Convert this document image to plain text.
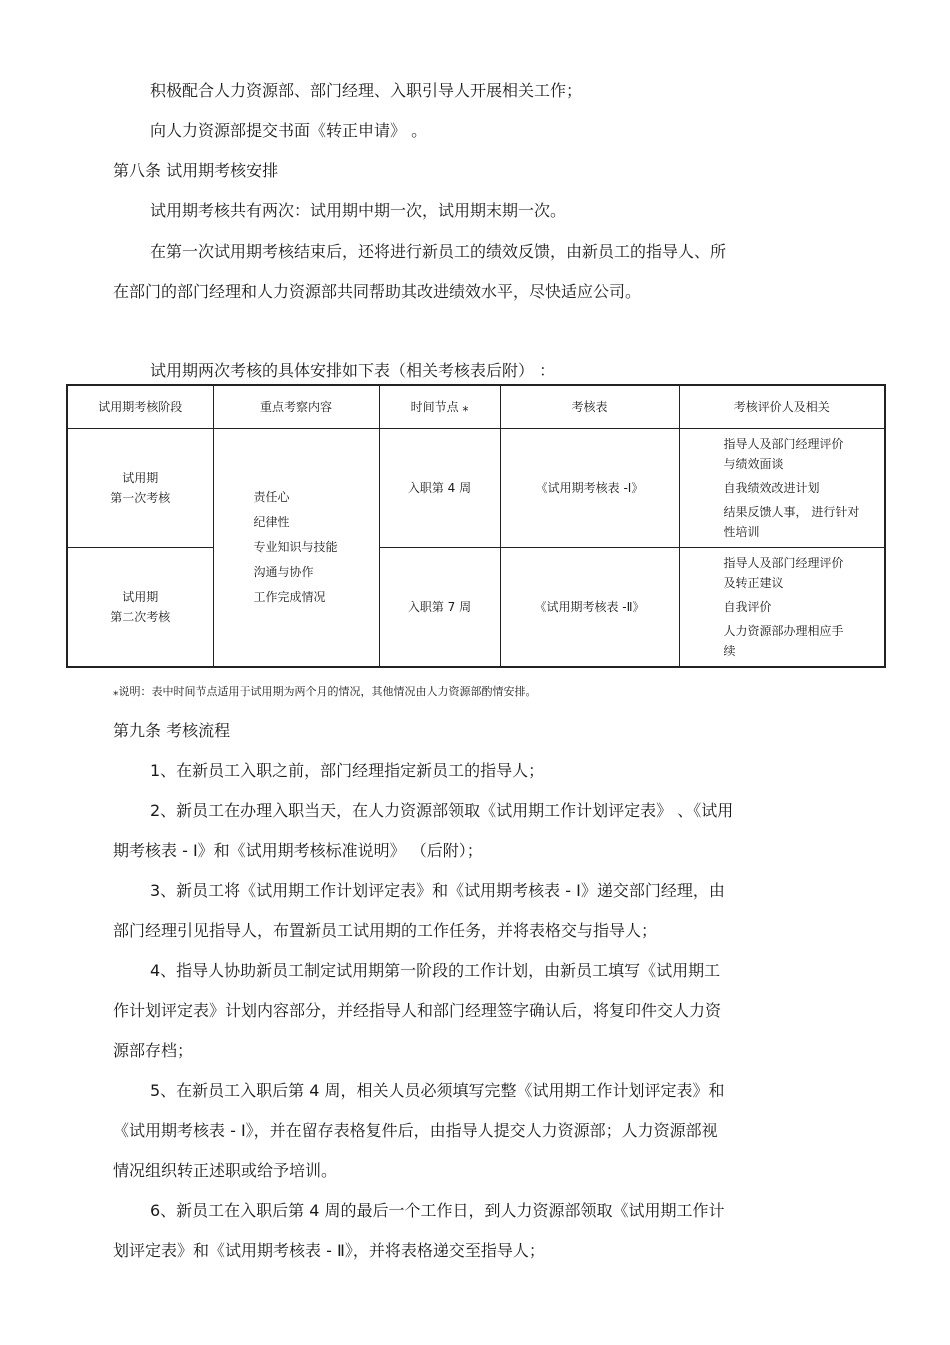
积极配合人力资源部、部门经理、入职引导人开展相关工作；
向人力资源部提交书面《转正申请》 。
第八条 试用期考核安排
试用期考核共有两次：试用期中期一次，试用期末期一次。
在第一次试用期考核结束后，还将进行新员工的绩效反馈，由新员工的指导人、所
在部门的部门经理和人力资源部共同帮助其改进绩效水平，尽快适应公司。
试用期两次考核的具体安排如下表（相关考核表后附） ：
试用期考核阶段	重点考察内容	时间节点 ⁎	考核表	考核评价人及相关

试用期
第一次考核	责任心
纪律性
专业知识与技能
沟通与协作
工作完成情况	入职第 4 周	《试用期考核表 -Ⅰ》	指导人及部门经理评价
与绩效面谈
自我绩效改进计划
结果反馈人事， 进行针对
性培训

试用期
第二次考核		入职第 7 周	《试用期考核表 -Ⅱ》	指导人及部门经理评价
及转正建议
自我评价
人力资源部办理相应手
续
⁎说明：表中时间节点适用于试用期为两个月的情况，其他情况由人力资源部酌情安排。
第九条 考核流程
1、在新员工入职之前，部门经理指定新员工的指导人；
2、新员工在办理入职当天，在人力资源部领取《试用期工作计划评定表》 、《试用
期考核表 - Ⅰ》和《试用期考核标准说明》 （后附）；
3、新员工将《试用期工作计划评定表》和《试用期考核表 - Ⅰ》递交部门经理，由
部门经理引见指导人，布置新员工试用期的工作任务，并将表格交与指导人；
4、指导人协助新员工制定试用期第一阶段的工作计划，由新员工填写《试用期工
作计划评定表》计划内容部分，并经指导人和部门经理签字确认后，将复印件交人力资
源部存档；
5、在新员工入职后第 4 周，相关人员必须填写完整《试用期工作计划评定表》和
《试用期考核表 - Ⅰ》，并在留存表格复件后，由指导人提交人力资源部；人力资源部视
情况组织转正述职或给予培训。
6、新员工在入职后第 4 周的最后一个工作日，到人力资源部领取《试用期工作计
划评定表》和《试用期考核表 - Ⅱ》，并将表格递交至指导人；
